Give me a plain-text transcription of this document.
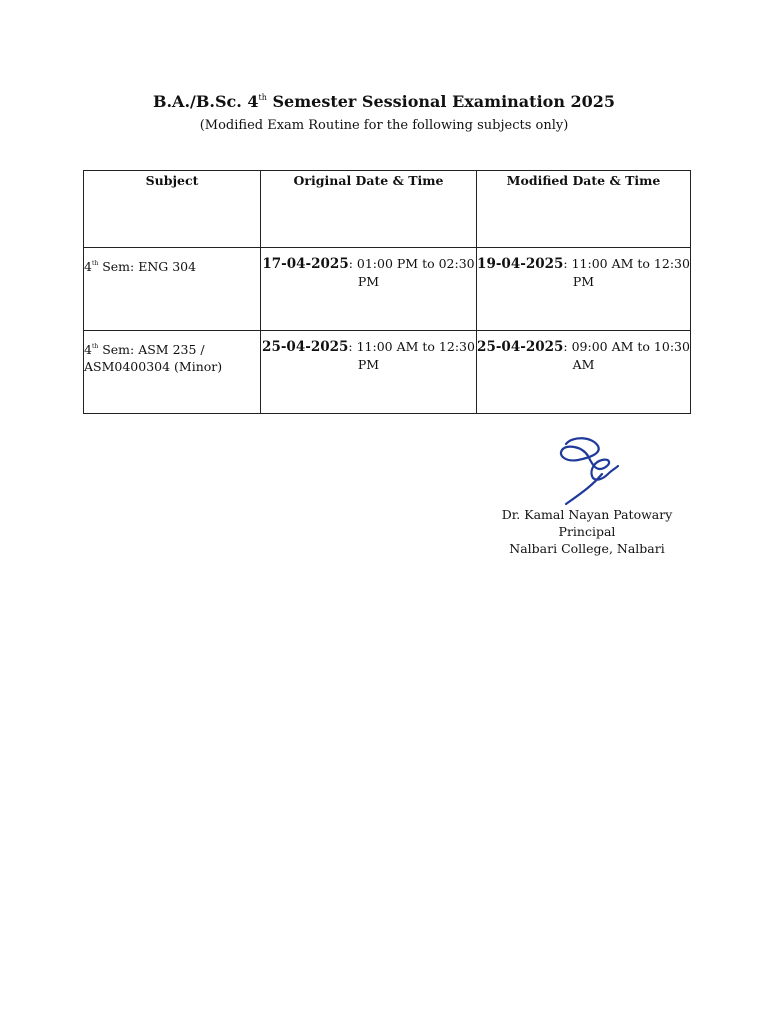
B.A./B.Sc. 4th Semester Sessional Examination 2025

(Modified Exam Routine for the following subjects only)

Subject	Original Date & Time	Modified Date & Time
4th Sem: ENG 304	17-04-2025: 01:00 PM to 02:30 PM	19-04-2025: 11:00 AM to 12:30 PM
4th Sem: ASM 235 / ASM0400304 (Minor)	25-04-2025: 11:00 AM to 12:30 PM	25-04-2025: 09:00 AM to 10:30 AM
Dr. Kamal Nayan Patowary
Principal
Nalbari College, Nalbari
